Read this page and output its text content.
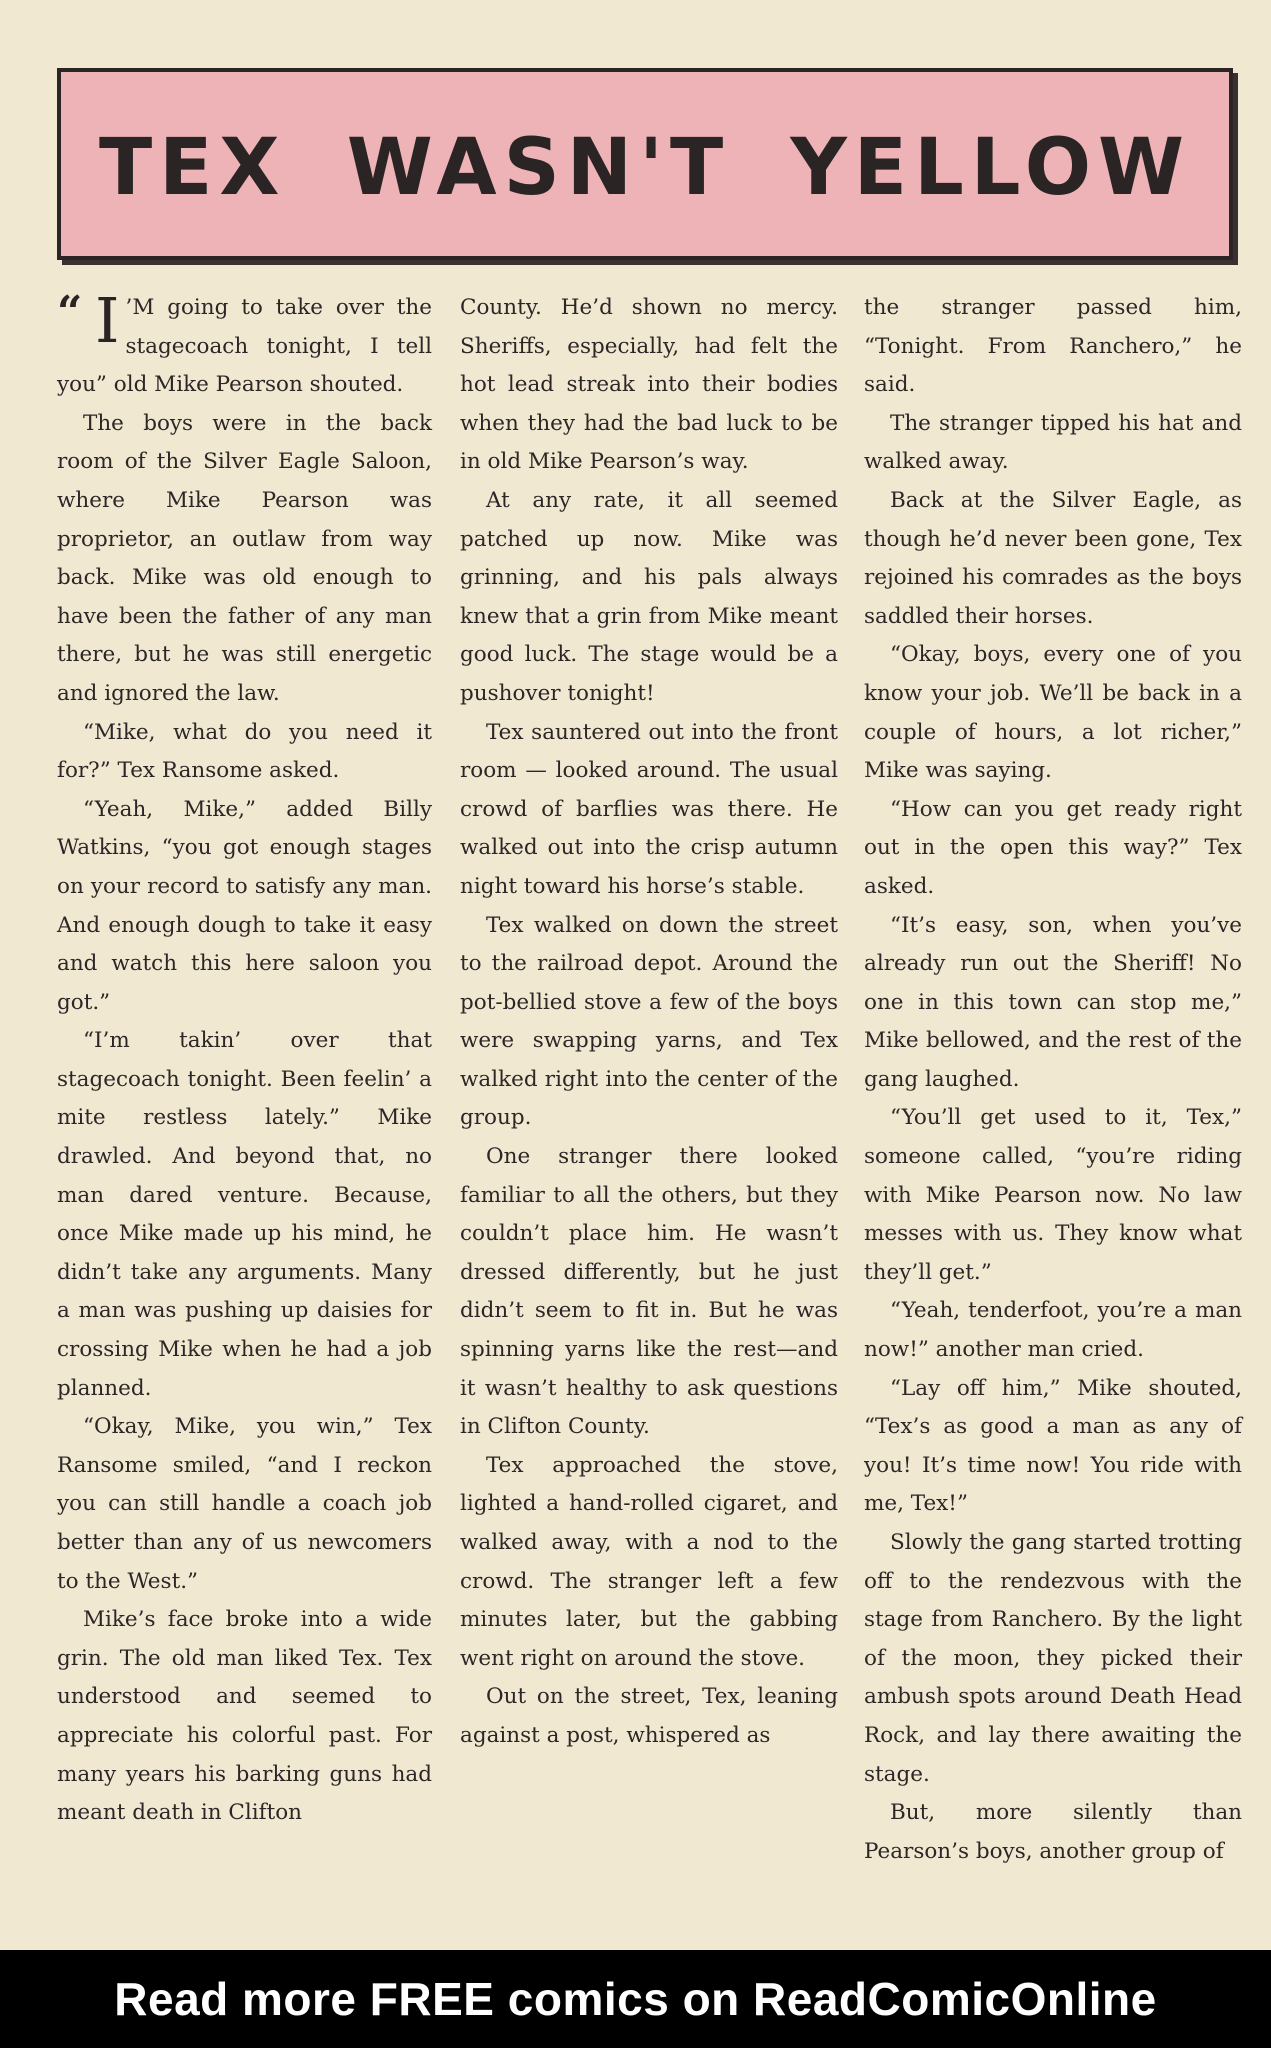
TEX WASN'T YELLOW

“ I ’M going to take over the stagecoach tonight, I tell you” old Mike Pearson shouted.

The boys were in the back room of the Silver Eagle Saloon, where Mike Pearson was proprietor, an outlaw from way back. Mike was old enough to have been the father of any man there, but he was still energetic and ignored the law.

“Mike, what do you need it for?” Tex Ransome asked.

“Yeah, Mike,” added Billy Watkins, “you got enough stages on your record to satisfy any man. And enough dough to take it easy and watch this here saloon you got.”

“I’m takin’ over that stagecoach tonight. Been feelin’ a mite restless lately.” Mike drawled. And beyond that, no man dared venture. Because, once Mike made up his mind, he didn’t take any arguments. Many a man was pushing up daisies for crossing Mike when he had a job planned.

“Okay, Mike, you win,” Tex Ransome smiled, “and I reckon you can still handle a coach job better than any of us newcomers to the West.”

Mike’s face broke into a wide grin. The old man liked Tex. Tex understood and seemed to appreciate his colorful past. For many years his barking guns had meant death in Clifton

County. He’d shown no mercy. Sheriffs, especially, had felt the hot lead streak into their bodies when they had the bad luck to be in old Mike Pearson’s way.

At any rate, it all seemed patched up now. Mike was grinning, and his pals always knew that a grin from Mike meant good luck. The stage would be a pushover tonight!

Tex sauntered out into the front room — looked around. The usual crowd of barflies was there. He walked out into the crisp autumn night toward his horse’s stable.

Tex walked on down the street to the railroad depot. Around the pot-bellied stove a few of the boys were swapping yarns, and Tex walked right into the center of the group.

One stranger there looked familiar to all the others, but they couldn’t place him. He wasn’t dressed differently, but he just didn’t seem to fit in. But he was spinning yarns like the rest—and it wasn’t healthy to ask questions in Clifton County.

Tex approached the stove, lighted a hand-rolled cigaret, and walked away, with a nod to the crowd. The stranger left a few minutes later, but the gabbing went right on around the stove.

Out on the street, Tex, leaning against a post, whispered as

the stranger passed him, “Tonight. From Ranchero,” he said.

The stranger tipped his hat and walked away.

Back at the Silver Eagle, as though he’d never been gone, Tex rejoined his comrades as the boys saddled their horses.

“Okay, boys, every one of you know your job. We’ll be back in a couple of hours, a lot richer,” Mike was saying.

“How can you get ready right out in the open this way?” Tex asked.

“It’s easy, son, when you’ve already run out the Sheriff! No one in this town can stop me,” Mike bellowed, and the rest of the gang laughed.

“You’ll get used to it, Tex,” someone called, “you’re riding with Mike Pearson now. No law messes with us. They know what they’ll get.”

“Yeah, tenderfoot, you’re a man now!” another man cried.

“Lay off him,” Mike shouted, “Tex’s as good a man as any of you! It’s time now! You ride with me, Tex!”

Slowly the gang started trotting off to the rendezvous with the stage from Ranchero. By the light of the moon, they picked their ambush spots around Death Head Rock, and lay there awaiting the stage.

But, more silently than Pearson’s boys, another group of

Read more FREE comics on ReadComicOnline
